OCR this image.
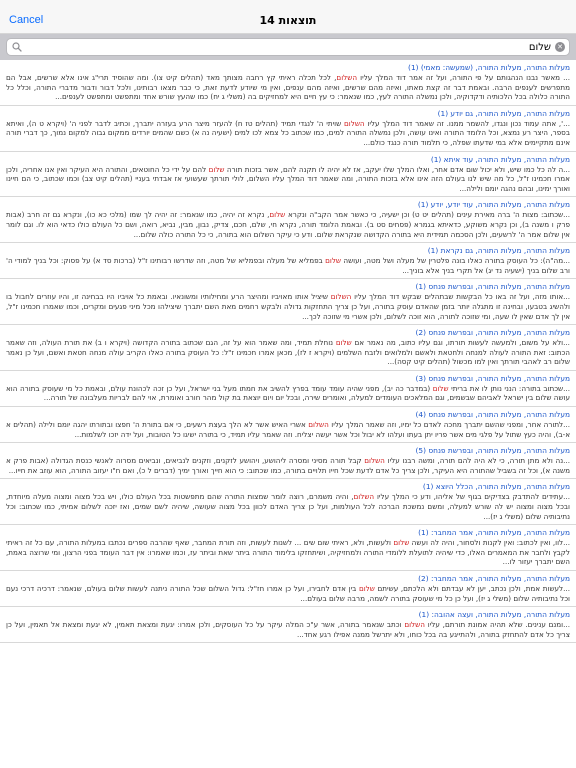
Cancel	14 תוצאות
שלום
✕
מעלות התורה, מעלות התורה, (שמעשה: מאמי) (1)
... מאשר נבנו הנהגותם על פי התורה, ועל זה אמר דוד המלך עליו השלום, לכל תכלה ראיתי קץ רחבה מצותך מאד (תהלים קיט צו). ומה שהוסיד תרי"ג אינו אלא שרשים, אבל הם מתפרשים לענפים הרבה. ובאמת דבר זה קצת מאתו, ואיזה מהם שרשים, ואיזה מהם ענפים, ואין מי שיודע לדעת זאת, כי כבר מצאו רבותינו, ולכל דבור ודבור מדברי התורה, וכלל כל התורה כלולה בכל הלכותיה ודקדוקיה, ולכן נמשלה התורה לעץ, כמו שנאמר: כי עץ חיים היא למחזיקים בה (משלי ג יח) כמו שהעץ שורש אחד ומתפשט ומתפשט לענפים...
מעלות התורה, מעלות התורה, גם יודע (1)
...', אתה עמוד נכון ונגדו, להשמר ממנו. זה שאמר דוד המלך עליו השלום שויתי ה' לנגדי תמיד (תהלים טז ח) להעזר מיצר הרע בעזרה יתברך, וכתיב לדבר לפני ה' (ויקרא ט ה), ואיתא בספר, היצר רע נמצא, וכל הלומד התורה ואינו עושה, ולכן נמשלה התורה למים, כמו שכתוב כל צמא לכו למים (ישעיה נה א) כשם שהמים יורדים ממקום גבוה למקום נמוך, כך דברי תורה אינם מתקיימים אלא במי שדעתו שפלה, כי תלמוד תורה כנגד כולם...
מעלות התורה, מעלות התורה, עוד איתא (1)
...ה לה כל כמו שיש, ולא יכול שום אדם אחר, ואלו המלך שלו יעקב, אז לא יהיה לו תקנה להם, אשר בזכות תורה שלום להם על ידי כל החוטאים, והתורה היא העיקר ואין אנו אחריה, ולכן אמרו חכמינו ז"ל, כל מה שיש לנו בעולם הזה אינו אלא בזכות התורה, ומה שאמר דוד המלך עליו השלום, לולי תורתך שעשועי אז אבדתי בעניי (תהלים קיט צב) וכמו שכתוב, כי הם חיינו ואורך ימינו, ובהם נהגה יומם ולילה...
מעלות התורה, מעלות התורה, עוד יודע, יודע (1)
...שכתוב: מצות ה' ברה מאירת עינים (תהלים יט ט) וכן ישעיה, כי כאשר אמר הקב"ה ונקרא שלום, נקרא זה יהיה, כמו שנאמר: זה יהיה לך שמו (מלכי כא כו), ונקרא גם זה חרב (אבות פרק ו משנה ב), וכן נקרא משוקע, כדאיתא בגמרא (פסחים סט ב). ובאמת הלומד תורה, נקרא חי, שלם, חכם, צדיק, נבון, מבין, נביא, רואה, ושם כל העולם כולו כדאי הוא לו. וגם לומר אין שלום אמר ה' לרשעים, ולכן הסכמה תמידית היא בתורה הקדושה שנקראת שלום. ודע כי עיקר השלום הוא בתורה, כי כל התורה כולה שלום...
מעלות התורה, מעלות התורה, גם נקראת (1)
...מה"ה): כל העוסק בתורה כאלו בונה פלטרין של מעלה ושל מטה, ועושה שלום בפמליא של מעלה ובפמליא של מטה, וזה שדרשו רבותינו ז"ל (ברכות סד א) על פסוק: וכל בניך למודי ה' ורב שלום בניך (ישעיה נד יג) אל תקרי בניך אלא בוניך...
מעלות התורה, מעלות התורה, ובפרשת פנחס (1)
...אותו מזה, ועל זה באו כל הבקשות שבתהלים שבקש דוד המלך עליו השלום שיציל אותו מאויביו ומהיצר הרע ומחילותיו ומשונאיו. ובאמת כל אויביו היו בבחינה זו, והיו עוזרים לחבול בו ולהשיג בטבעו, ובחינה זו מתגלה יותר בזמן שהאדם עוסק בתורה, ועל כן צריך התחזקות גדולה ולבקש רחמים מאת השם יתברך שיצילהו מכל מיני פגעים ומקרים, וכמו שאמרו חכמינו ז"ל, אין לך אדם שאין לו שעה, ומי שזוכה לתורה, הוא זוכה לשלום, ולכן אשרי מי שזוכה לכך...
מעלות התורה, מעלות התורה, ובפרשת פנחס (2)
...ולא על משום, ולמעשה לעשות תורתו, וגם עליו כתוב, מה נאמר אם שלום נוחלת תמיד, ומה שאמר הוא על זה, הגם שכתוב בתורה הקדושה (ויקרא ו ב) את תורת העולה, וזה שאמר הכתוב: זאת התורה לעולה למנחה ולחטאת ולאשם ולמלואים ולזבח השלמים (ויקרא ז לז), מכאן אמרו חכמינו ז"ל: כל העוסק בתורה כאלו הקריב עולה מנחה חטאת ואשם, ועל כן נאמר שלום רב לאהבי תורתך ואין למו מכשול (תהלים קיט קסה)...
מעלות התורה, מעלות התורה, ובפרשת פנחס (3)
...שכתוב בתורה: הנני נותן לו את בריתי שלום (במדבר כה יב), מפני שהיה עומד עומד בפרץ להשיב את חמתו מעל בני ישראל, ועל כן זכה לכהונת עולם, ובאמת כל מי שעוסק בתורה הוא עושה שלום בין ישראל לאביהם שבשמים, וגם המלאכים העומדים למעלה, ואומרים שירה, ובכל יום ויום יוצאת בת קול מהר חורב ואומרת, אוי להם לבריות מעלבונה של תורה...
מעלות התורה, מעלות התורה, ובפרשת פנחס (4)
...לתורה אחר, ומפני שהשם יתברך מחכה לאדם כל ימיו, וזה שאמר המלך עליו השלום אשרי האיש אשר לא הלך בעצת רשעים, כי אם בתורת ה' חפצו ובתורתו יהגה יומם ולילה (תהלים א א-ב), והיה כעץ שתול על פלגי מים אשר פריו יתן בעתו ועלהו לא יבול וכל אשר יעשה יצליח. וזה שאמר עליו תמיד, כי בתורה ישיגו כל הטובות, ועל ידה יזכו לשלמות...
מעלות התורה, מעלות התורה, ובפרשת פנחס (5)
...נה ולא מתן תורה, כי לא היה להם תורה, ומשה רבנו עליו השלום קבל תורה מסיני ומסרה ליהושע, ויהושע לזקנים, וזקנים לנביאים, ונביאים מסרוה לאנשי כנסת הגדולה (אבות פרק א משנה א), וכל זה בשביל שהתורה היא העיקר, ולכן צריך כל אדם לדעת שכל חייו תלויים בתורה, כמו שכתוב: כי הוא חייך ואורך ימיך (דברים ל כ), ואם ח"ו יעזוב התורה, הוא עוזב את חייו...
מעלות התורה, מעלות התורה, הכלל היוצא (1)
...עתידים להתדבק בצדיקים בגוף של אליהו, ודע כי המלך עליו השלום, והיה משמרם, רוצה לומר שמצות התורה שהם מתפשטות בכל העולם כולו, ויש בכל מצוה ומצוה מעלה מיוחדת, ובכל מצוה ומצוה יש לה שורש למעלה, ומשם נמשכת הברכה לכל העולמות, ועל כן צריך האדם לכוון בכל מצוה שעושה, שיהיה לשם שמים, ואז יזכה לשלום אמיתי, כמו שכתוב: וכל נתיבותיה שלום (משלי ג יז)...
מעלות התורה, מעלות התורה, אמר המחבר: (1)
...לוו, ואין לכתוב: ואין לקנות ולסחור, והיה לה ועשה שלום ולעשות, ולא, ראיתי שום שים ... לשנות לעשות, וזה תורת המחבר, שאף שהרבה ספרים נכתבו במעלות התורה, עם כל זה ראיתי לקבץ ולחבר את המאמרים האלו, כדי שיהיה לתועלת ללומדי התורה ולמחזיקיה, ושיתחזקו בלימוד התורה ביתר שאת וביתר עז, וכמו שאמרו: אין דבר העומד בפני הרצון, ומי שרוצה באמת, השם יתברך יעזור לו...
מעלות התורה, מעלות התורה, אמר המחבר: (2)
...לעשות אמת, ולכן נכתב, יען לא עבדתם ולא הלכתם, עשיתם שלום בין אדם לחבירו, ועל כן אמרו חז"ל: גדול השלום שכל התורה ניתנה לעשות שלום בעולם, שנאמר: דרכיה דרכי נעם וכל נתיבותיה שלום (משלי ג יז), ועל כן כל מי שעוסק בתורה לשמה, מרבה שלום בעולם...
מעלות התורה, מעלות התורה, ועצה אהובה: (1)
...ומנם ענינים. שלא תהיה אמונת תורתם, עליו השלום וכתב שנאמר בתורה, אשר ע"כ המלה עיקר על כל העוסקים, ולכן אמרו: יגעת ומצאת תאמין, לא יגעת ומצאת אל תאמין, ועל כן צריך כל אדם להתחזק בתורה, ולהתייגע בה בכל כוחו, ולא יתרשל ממנה אפילו רגע אחד...
